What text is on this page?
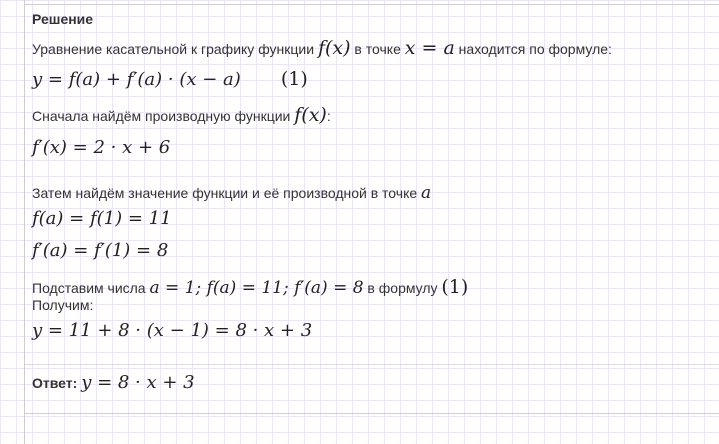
Решение
Уравнение касательной к графику функции f(x) в точке x = a находится по формуле:
y = f(a) + f′(a) · (x − a) (1)
Сначала найдём производную функции f(x):
f′(x) = 2 · x + 6
Затем найдём значение функции и её производной в точке a
f(a) = f(1) = 11
f′(a) = f′(1) = 8
Подставим числа a = 1; f(a) = 11; f′(a) = 8 в формулу (1)
Получим:
y = 11 + 8 · (x − 1) = 8 · x + 3
Ответ: y = 8 · x + 3
